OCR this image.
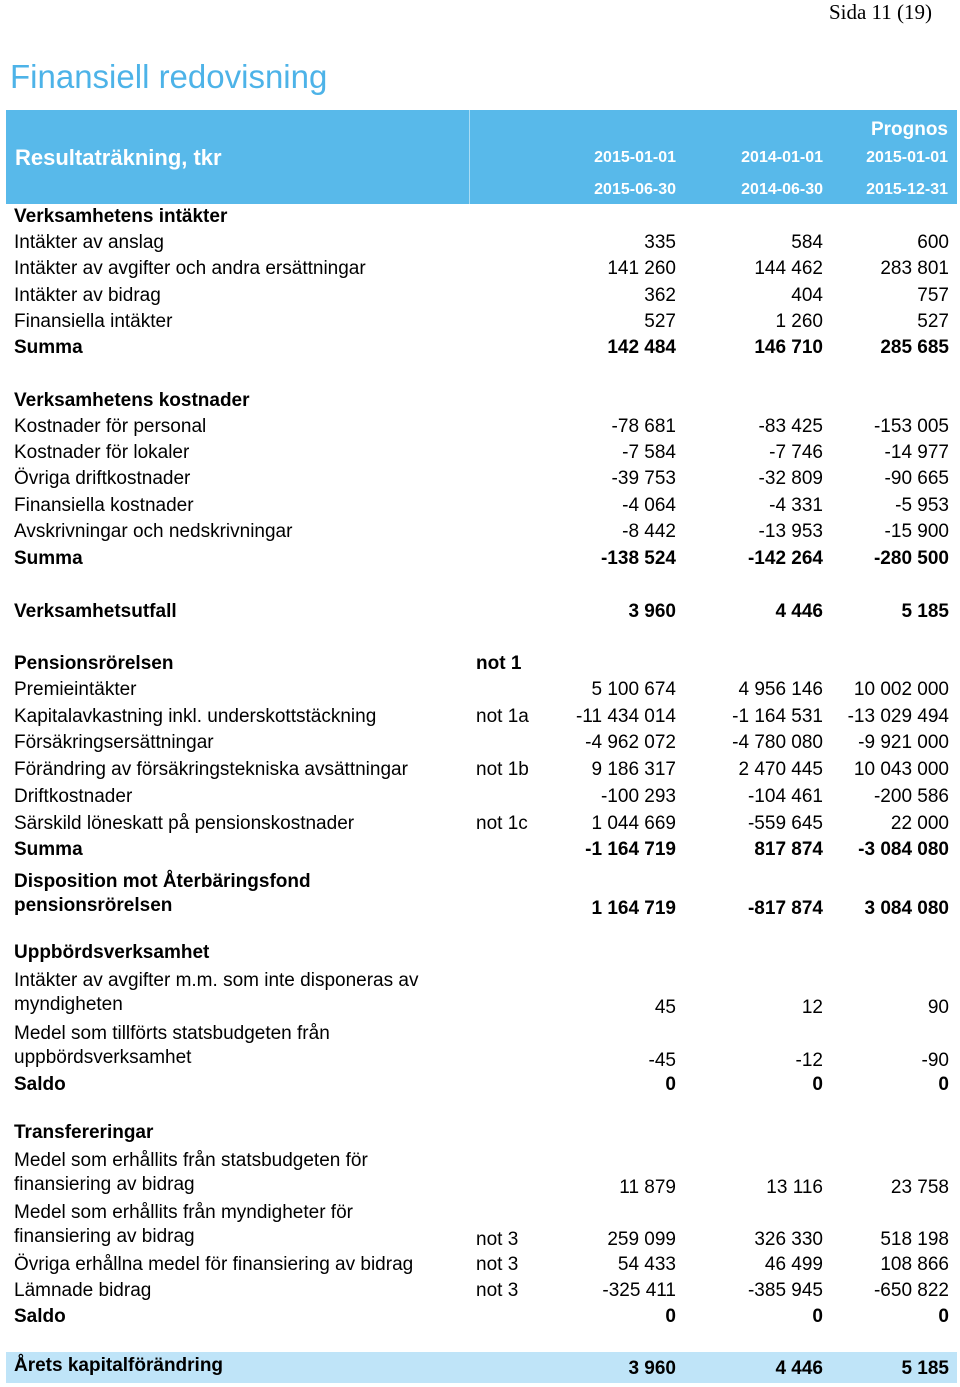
Sida 11 (19)
Finansiell redovisning
Resultaträkning, tkr
Prognos
2015-01-01
2015-06-30
2014-01-01
2014-06-30
2015-01-01
2015-12-31
Verksamhetens intäkter
Intäkter av anslag	335	584	600
Intäkter av avgifter och andra ersättningar	141 260	144 462	283 801
Intäkter av bidrag	362	404	757
Finansiella intäkter	527	1 260	527
Summa	142 484	146 710	285 685
Verksamhetens kostnader
Kostnader för personal	-78 681	-83 425	-153 005
Kostnader för lokaler	-7 584	-7 746	-14 977
Övriga driftkostnader	-39 753	-32 809	-90 665
Finansiella kostnader	-4 064	-4 331	-5 953
Avskrivningar och nedskrivningar	-8 442	-13 953	-15 900
Summa	-138 524	-142 264	-280 500
Verksamhetsutfall	3 960	4 446	5 185
Pensionsrörelsen	not 1
Premieintäkter	5 100 674	4 956 146	10 002 000
Kapitalavkastning inkl. underskottstäckning	not 1a	-11 434 014	-1 164 531	-13 029 494
Försäkringsersättningar	-4 962 072	-4 780 080	-9 921 000
Förändring av försäkringstekniska avsättningar	not 1b	9 186 317	2 470 445	10 043 000
Driftkostnader	-100 293	-104 461	-200 586
Särskild löneskatt på pensionskostnader	not 1c	1 044 669	-559 645	22 000
Summa	-1 164 719	817 874	-3 084 080
Disposition mot Återbäringsfond
pensionsrörelsen	1 164 719	-817 874	3 084 080
Uppbördsverksamhet
Intäkter av avgifter m.m. som inte disponeras av
myndigheten	45	12	90
Medel som tillförts statsbudgeten från
uppbördsverksamhet	-45	-12	-90
Saldo	0	0	0
Transfereringar
Medel som erhållits från statsbudgeten för
finansiering av bidrag	11 879	13 116	23 758
Medel som erhållits från myndigheter för
finansiering av bidrag	not 3	259 099	326 330	518 198
Övriga erhållna medel för finansiering av bidrag	not 3	54 433	46 499	108 866
Lämnade bidrag	not 3	-325 411	-385 945	-650 822
Saldo	0	0	0
Årets kapitalförändring	3 960	4 446	5 185
